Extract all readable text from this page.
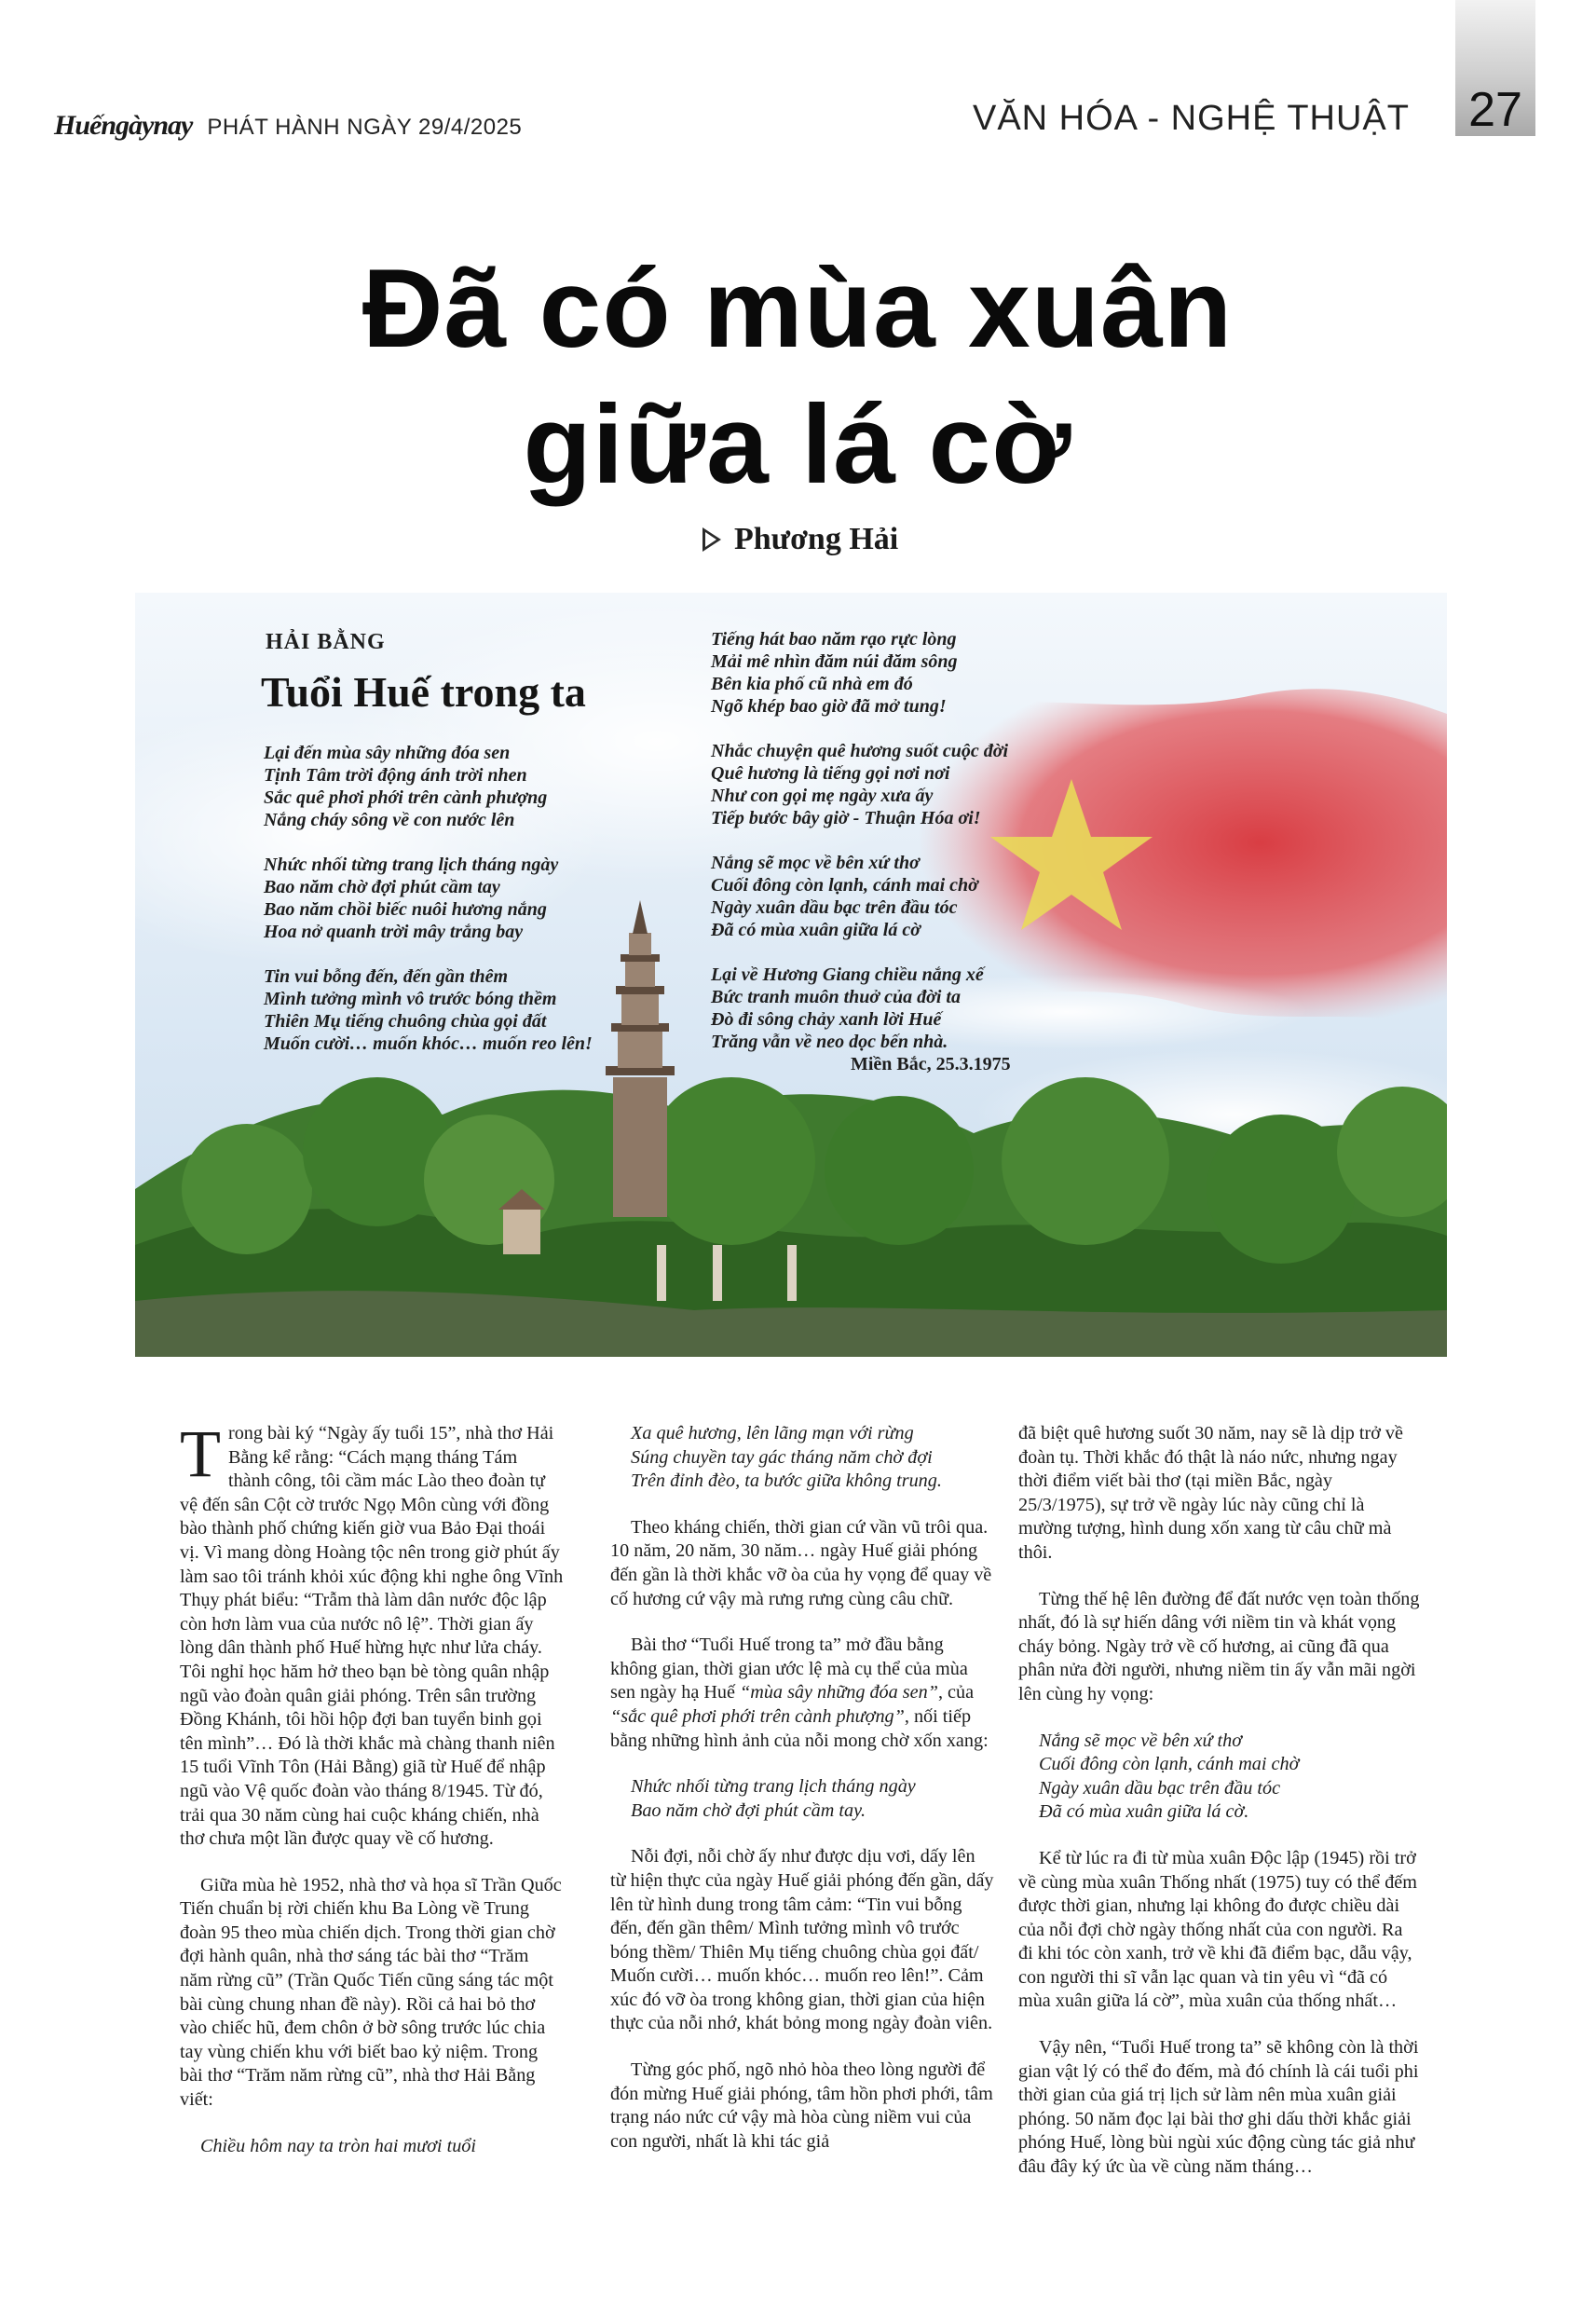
Huếngàynay PHÁT HÀNH NGÀY 29/4/2025	VĂN HÓA - NGHỆ THUẬT 27
Đã có mùa xuân
giữa lá cờ
Phương Hải
HẢI BẰNG
Tuổi Huế trong ta
Lại đến mùa sây những đóa sen
Tịnh Tâm trời động ánh trời nhen
Sắc quê phơi phới trên cành phượng
Nắng cháy sông về con nước lên
Nhức nhối từng trang lịch tháng ngày
Bao năm chờ đợi phút cầm tay
Bao năm chồi biếc nuôi hương nắng
Hoa nở quanh trời mây trắng bay
Tin vui bỗng đến, đến gần thêm
Mình tưởng mình vô trước bóng thềm
Thiên Mụ tiếng chuông chùa gọi đất
Muốn cười… muốn khóc… muốn reo lên!
Tiếng hát bao năm rạo rực lòng
Mải mê nhìn đăm núi đăm sông
Bên kia phố cũ nhà em đó
Ngõ khép bao giờ đã mở tung!
Nhắc chuyện quê hương suốt cuộc đời
Quê hương là tiếng gọi nơi nơi
Như con gọi mẹ ngày xưa ấy
Tiếp bước bây giờ - Thuận Hóa ơi!
Nắng sẽ mọc về bên xứ thơ
Cuối đông còn lạnh, cánh mai chờ
Ngày xuân dầu bạc trên đầu tóc
Đã có mùa xuân giữa lá cờ
Lại về Hương Giang chiều nắng xế
Bức tranh muôn thuở của đời ta
Đò đi sông chảy xanh lời Huế
Trăng vẫn về neo dọc bến nhà.
Miền Bắc, 25.3.1975

Trong bài ký “Ngày ấy tuổi 15”, nhà thơ Hải Bằng kể rằng: “Cách mạng tháng Tám thành công, tôi cầm mác Lào theo đoàn tự vệ đến sân Cột cờ trước Ngọ Môn cùng với đồng bào thành phố chứng kiến giờ vua Bảo Đại thoái vị. Vì mang dòng Hoàng tộc nên trong giờ phút ấy làm sao tôi tránh khỏi xúc động khi nghe ông Vĩnh Thụy phát biểu: “Trẫm thà làm dân nước độc lập còn hơn làm vua của nước nô lệ”. Thời gian ấy lòng dân thành phố Huế hừng hực như lửa cháy. Tôi nghỉ học hăm hở theo bạn bè tòng quân nhập ngũ vào đoàn quân giải phóng. Trên sân trường Đồng Khánh, tôi hồi hộp đợi ban tuyển binh gọi tên mình”… Đó là thời khắc mà chàng thanh niên 15 tuổi Vĩnh Tôn (Hải Bằng) giã từ Huế để nhập ngũ vào Vệ quốc đoàn vào tháng 8/1945. Từ đó, trải qua 30 năm cùng hai cuộc kháng chiến, nhà thơ chưa một lần được quay về cố hương.

Giữa mùa hè 1952, nhà thơ và họa sĩ Trần Quốc Tiến chuẩn bị rời chiến khu Ba Lòng về Trung đoàn 95 theo mùa chiến dịch. Trong thời gian chờ đợi hành quân, nhà thơ sáng tác bài thơ “Trăm năm rừng cũ” (Trần Quốc Tiến cũng sáng tác một bài cùng chung nhan đề này). Rồi cả hai bỏ thơ vào chiếc hũ, đem chôn ở bờ sông trước lúc chia tay vùng chiến khu với biết bao kỷ niệm. Trong bài thơ “Trăm năm rừng cũ”, nhà thơ Hải Bằng viết:

Chiều hôm nay ta tròn hai mươi tuổi
Xa quê hương, lên lãng mạn với rừng
Súng chuyền tay gác tháng năm chờ đợi
Trên đỉnh đèo, ta bước giữa không trung.

Theo kháng chiến, thời gian cứ vần vũ trôi qua. 10 năm, 20 năm, 30 năm… ngày Huế giải phóng đến gần là thời khắc vỡ òa của hy vọng để quay về cố hương cứ vậy mà rưng rưng cùng câu chữ.

Bài thơ “Tuổi Huế trong ta” mở đầu bằng không gian, thời gian ước lệ mà cụ thể của mùa sen ngày hạ Huế “mùa sây những đóa sen”, của “sắc quê phơi phới trên cành phượng”, nối tiếp bằng những hình ảnh của nỗi mong chờ xốn xang:

Nhức nhối từng trang lịch tháng ngày
Bao năm chờ đợi phút cầm tay.

Nỗi đợi, nỗi chờ ấy như được dịu vơi, dấy lên từ hiện thực của ngày Huế giải phóng đến gần, dấy lên từ hình dung trong tâm cảm: “Tin vui bỗng đến, đến gần thêm/ Mình tưởng mình vô trước bóng thềm/ Thiên Mụ tiếng chuông chùa gọi đất/ Muốn cười… muốn khóc… muốn reo lên!”. Cảm xúc đó vỡ òa trong không gian, thời gian của hiện thực của nỗi nhớ, khát bỏng mong ngày đoàn viên.

Từng góc phố, ngõ nhỏ hòa theo lòng người để đón mừng Huế giải phóng, tâm hồn phơi phới, tâm trạng náo nức cứ vậy mà hòa cùng niềm vui của con người, nhất là khi tác giả

đã biệt quê hương suốt 30 năm, nay sẽ là dịp trở về đoàn tụ. Thời khắc đó thật là náo nức, nhưng ngay thời điểm viết bài thơ (tại miền Bắc, ngày 25/3/1975), sự trở về ngày lúc này cũng chỉ là mường tượng, hình dung xốn xang từ câu chữ mà thôi.

Từng thế hệ lên đường để đất nước vẹn toàn thống nhất, đó là sự hiến dâng với niềm tin và khát vọng cháy bỏng. Ngày trở về cố hương, ai cũng đã qua phân nửa đời người, nhưng niềm tin ấy vẫn mãi ngời lên cùng hy vọng:

Nắng sẽ mọc về bên xứ thơ
Cuối đông còn lạnh, cánh mai chờ
Ngày xuân dầu bạc trên đầu tóc
Đã có mùa xuân giữa lá cờ.

Kể từ lúc ra đi từ mùa xuân Độc lập (1945) rồi trở về cùng mùa xuân Thống nhất (1975) tuy có thể đếm được thời gian, nhưng lại không đo được chiều dài của nỗi đợi chờ ngày thống nhất của con người. Ra đi khi tóc còn xanh, trở về khi đã điểm bạc, dẫu vậy, con người thi sĩ vẫn lạc quan và tin yêu vì “đã có mùa xuân giữa lá cờ”, mùa xuân của thống nhất…

Vậy nên, “Tuổi Huế trong ta” sẽ không còn là thời gian vật lý có thể đo đếm, mà đó chính là cái tuổi phi thời gian của giá trị lịch sử làm nên mùa xuân giải phóng. 50 năm đọc lại bài thơ ghi dấu thời khắc giải phóng Huế, lòng bùi ngùi xúc động cùng tác giả như đâu đây ký ức ùa về cùng năm tháng…
